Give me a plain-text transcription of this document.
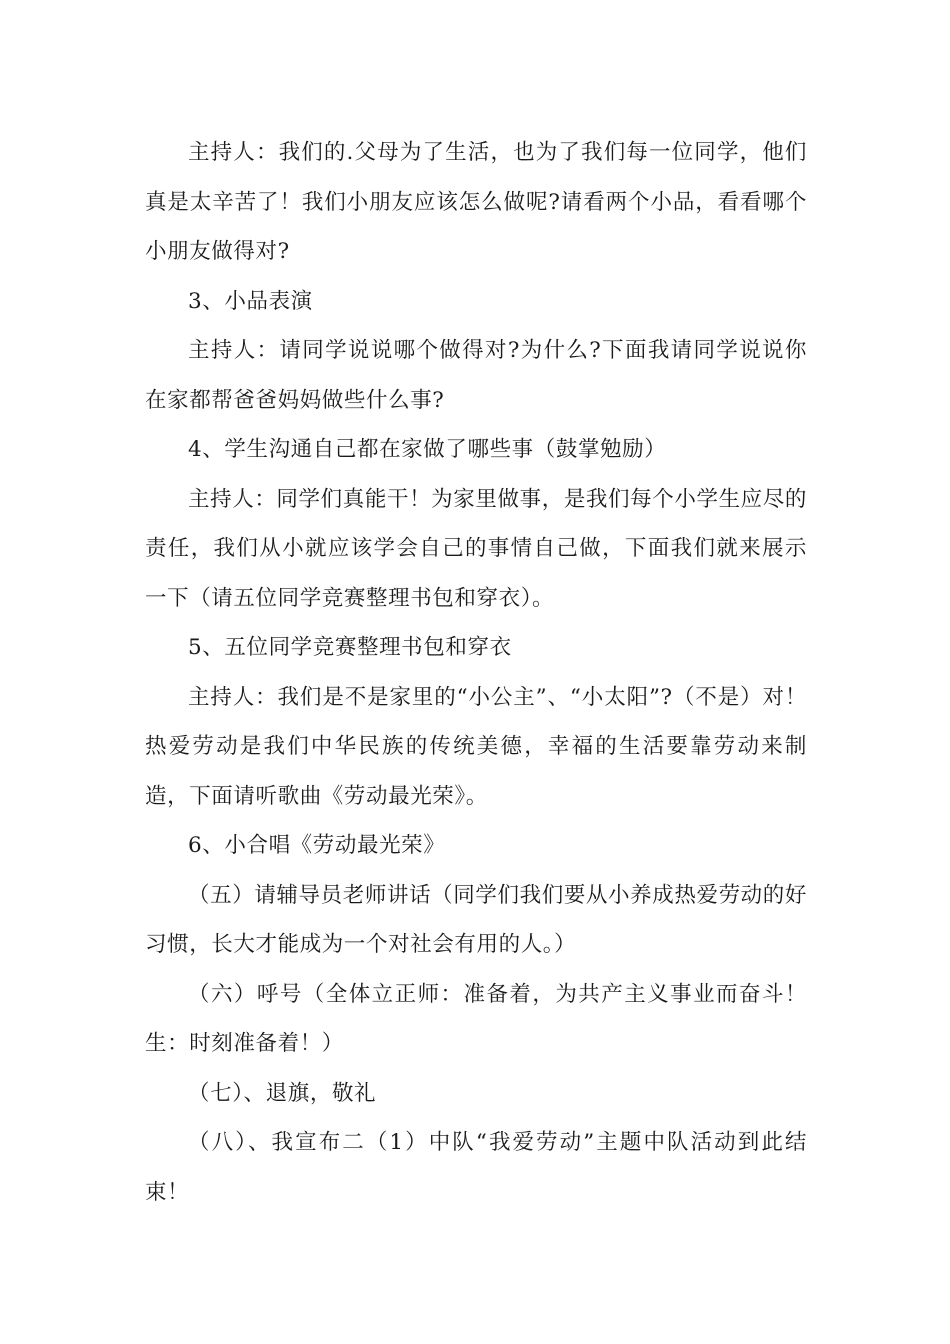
主持人：我们的.父母为了生活，也为了我们每一位同学，他们真是太辛苦了！我们小朋友应该怎么做呢?请看两个小品，看看哪个小朋友做得对?

3、小品表演

主持人：请同学说说哪个做得对?为什么?下面我请同学说说你在家都帮爸爸妈妈做些什么事?

4、学生沟通自己都在家做了哪些事（鼓掌勉励）

主持人：同学们真能干！为家里做事，是我们每个小学生应尽的责任，我们从小就应该学会自己的事情自己做，下面我们就来展示一下（请五位同学竞赛整理书包和穿衣）。

5、五位同学竞赛整理书包和穿衣

主持人：我们是不是家里的“小公主”、“小太阳”?（不是）对！热爱劳动是我们中华民族的传统美德，幸福的生活要靠劳动来制造，下面请听歌曲《劳动最光荣》。

6、小合唱《劳动最光荣》

（五）请辅导员老师讲话（同学们我们要从小养成热爱劳动的好习惯，长大才能成为一个对社会有用的人。）

（六）呼号（全体立正师：准备着，为共产主义事业而奋斗！生：时刻准备着！）

（七）、退旗，敬礼

（八）、我宣布二（1）中队“我爱劳动”主题中队活动到此结束！
